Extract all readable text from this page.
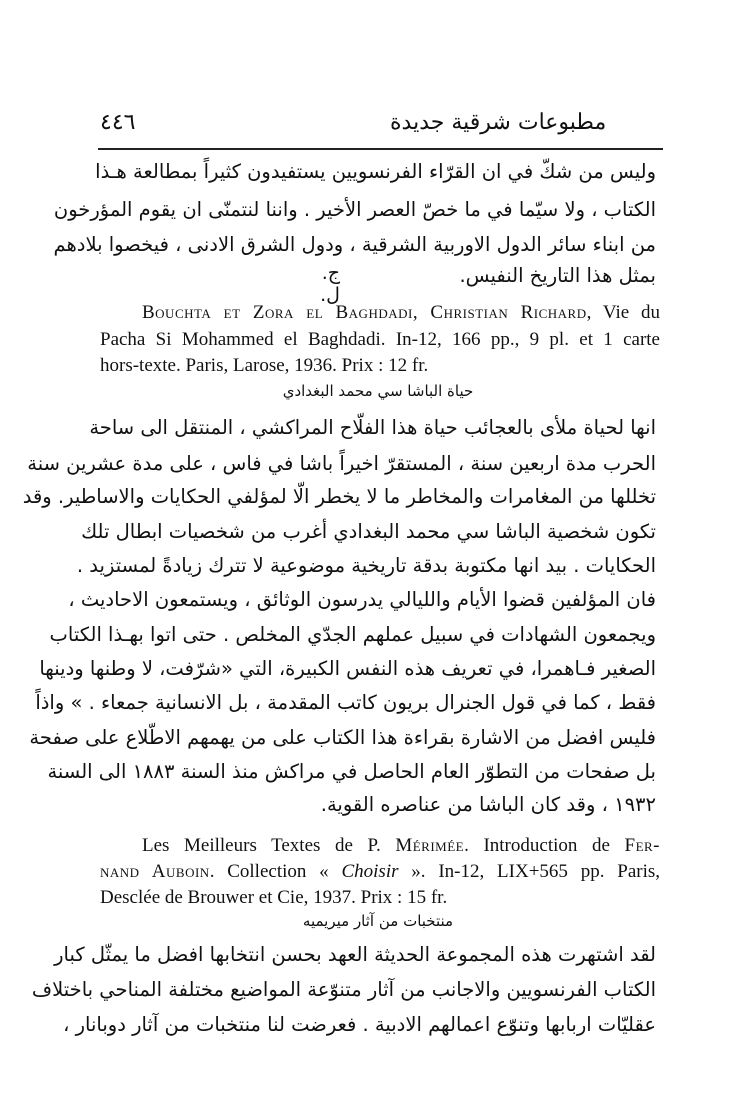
٤٤٦	مطبوعات شرقية جديدة
وليس من شكّ في ان القرّاء الفرنسويين يستفيدون كثيراً بمطالعة هـذا
الكتاب ، ولا سيّما في ما خصّ العصر الأخير . واننا لنتمنّى ان يقوم المؤرخون
من ابناء سائر الدول الاوربية الشرقية ، ودول الشرق الادنى ، فيخصوا بلادهم
بمثل هذا التاريخ النفيس.
ج. ل.
Bouchta et Zora el Baghdadi, Christian Richard, Vie du
Pacha Si Mohammed el Baghdadi. In-12, 166 pp., 9 pl. et 1 carte
hors-texte. Paris, Larose, 1936. Prix : 12 fr.
حياة الباشا سي محمد البغدادي
انها لحياة ملأى بالعجائب حياة هذا الفلّاح المراكشي ، المنتقل الى ساحة
الحرب مدة اربعين سنة ، المستقرّ اخيراً باشا في فاس ، على مدة عشرين سنة
تخللها من المغامرات والمخاطر ما لا يخطر الّا لمؤلفي الحكايات والاساطير. وقد
تكون شخصية الباشا سي محمد البغدادي أغرب من شخصيات ابطال تلك
الحكايات . بيد انها مكتوبة بدقة تاريخية موضوعية لا تترك زيادةً لمستزيد .
فان المؤلفين قضوا الأيام والليالي يدرسون الوثائق ، ويستمعون الاحاديث ،
ويجمعون الشهادات في سبيل عملهم الجدّي المخلص . حتى اتوا بهـذا الكتاب
الصغير فـاهمرا، في تعريف هذه النفس الكبيرة، التي «شرّفت، لا وطنها ودينها
فقط ، كما في قول الجنرال بريون كاتب المقدمة ، بل الانسانية جمعاء . » واذاً
فليس افضل من الاشارة بقراءة هذا الكتاب على من يهمهم الاطّلاع على صفحة
بل صفحات من التطوّر العام الحاصل في مراكش منذ السنة ١٨٨٣ الى السنة
١٩٣٢ ، وقد كان الباشا من عناصره القوية.
Les Meilleurs Textes de P. Mérimée. Introduction de Fer-
nand Auboin. Collection « Choisir ». In-12, LIX+565 pp. Paris,
Desclée de Brouwer et Cie, 1937. Prix : 15 fr.
منتخبات من آثار ميريميه
لقد اشتهرت هذه المجموعة الحديثة العهد بحسن انتخابها افضل ما يمثّل كبار
الكتاب الفرنسويين والاجانب من آثار متنوّعة المواضيع مختلفة المناحي باختلاف
عقليّات اربابها وتنوّع اعمالهم الادبية . فعرضت لنا منتخبات من آثار دوبانار ،
